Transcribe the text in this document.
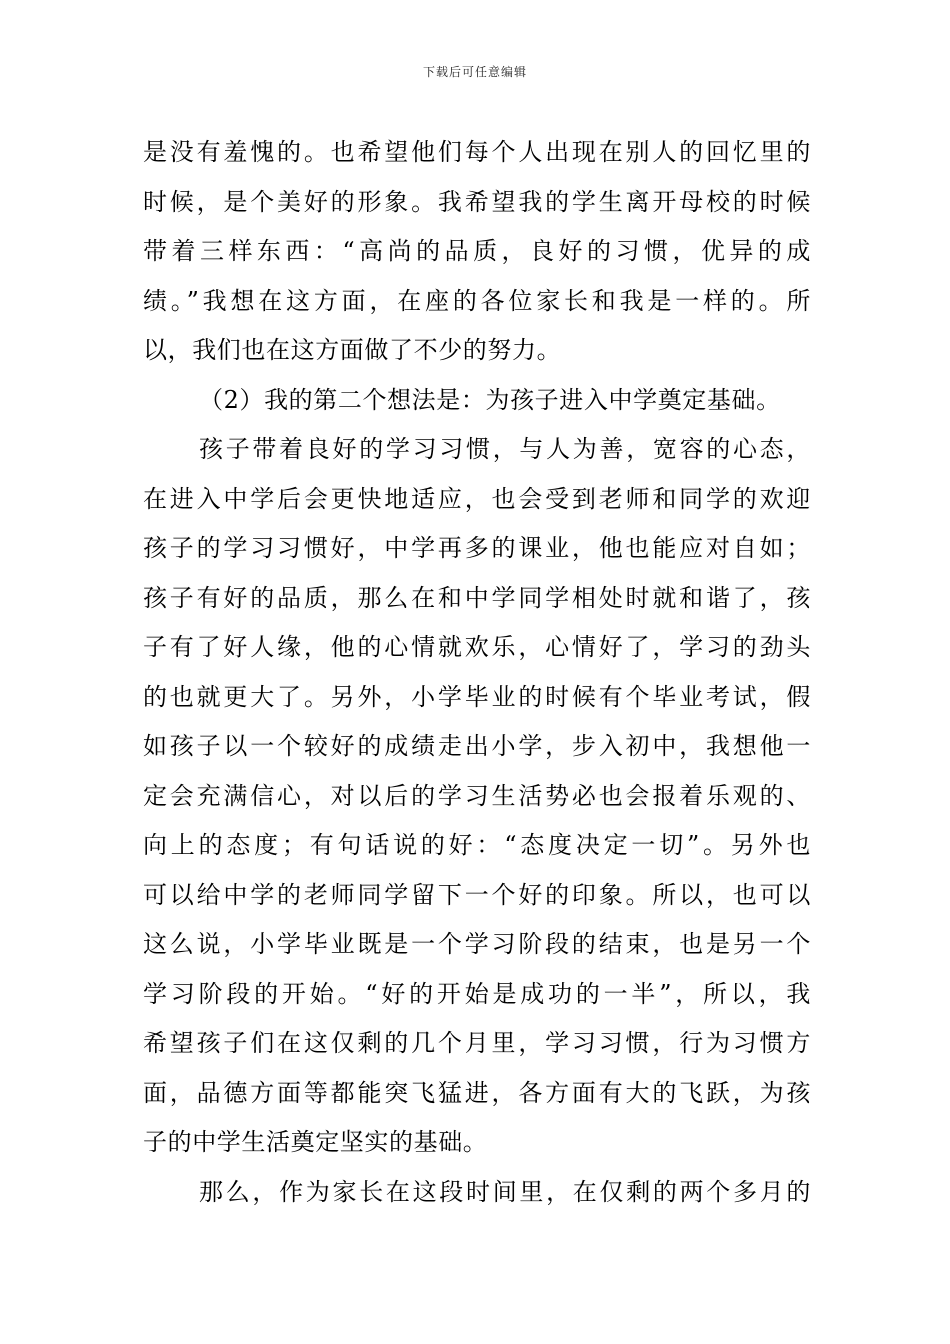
下载后可任意编辑
是没有羞愧的。也希望他们每个人出现在别人的回忆里的
时候，是个美好的形象。我希望我的学生离开母校的时候
带着三样东西：“高尚的品质，良好的习惯，优异的成
绩。”我想在这方面，在座的各位家长和我是一样的。所
以，我们也在这方面做了不少的努力。
（2）我的第二个想法是：为孩子进入中学奠定基础。
孩子带着良好的学习习惯，与人为善，宽容的心态，
在进入中学后会更快地适应，也会受到老师和同学的欢迎
孩子的学习习惯好，中学再多的课业，他也能应对自如；
孩子有好的品质，那么在和中学同学相处时就和谐了，孩
子有了好人缘，他的心情就欢乐，心情好了，学习的劲头
的也就更大了。另外，小学毕业的时候有个毕业考试，假
如孩子以一个较好的成绩走出小学，步入初中，我想他一
定会充满信心，对以后的学习生活势必也会报着乐观的、
向上的态度；有句话说的好：“态度决定一切”。另外也
可以给中学的老师同学留下一个好的印象。所以，也可以
这么说，小学毕业既是一个学习阶段的结束，也是另一个
学习阶段的开始。“好的开始是成功的一半”，所以，我
希望孩子们在这仅剩的几个月里，学习习惯，行为习惯方
面，品德方面等都能突飞猛进，各方面有大的飞跃，为孩
子的中学生活奠定坚实的基础。
那么，作为家长在这段时间里，在仅剩的两个多月的
